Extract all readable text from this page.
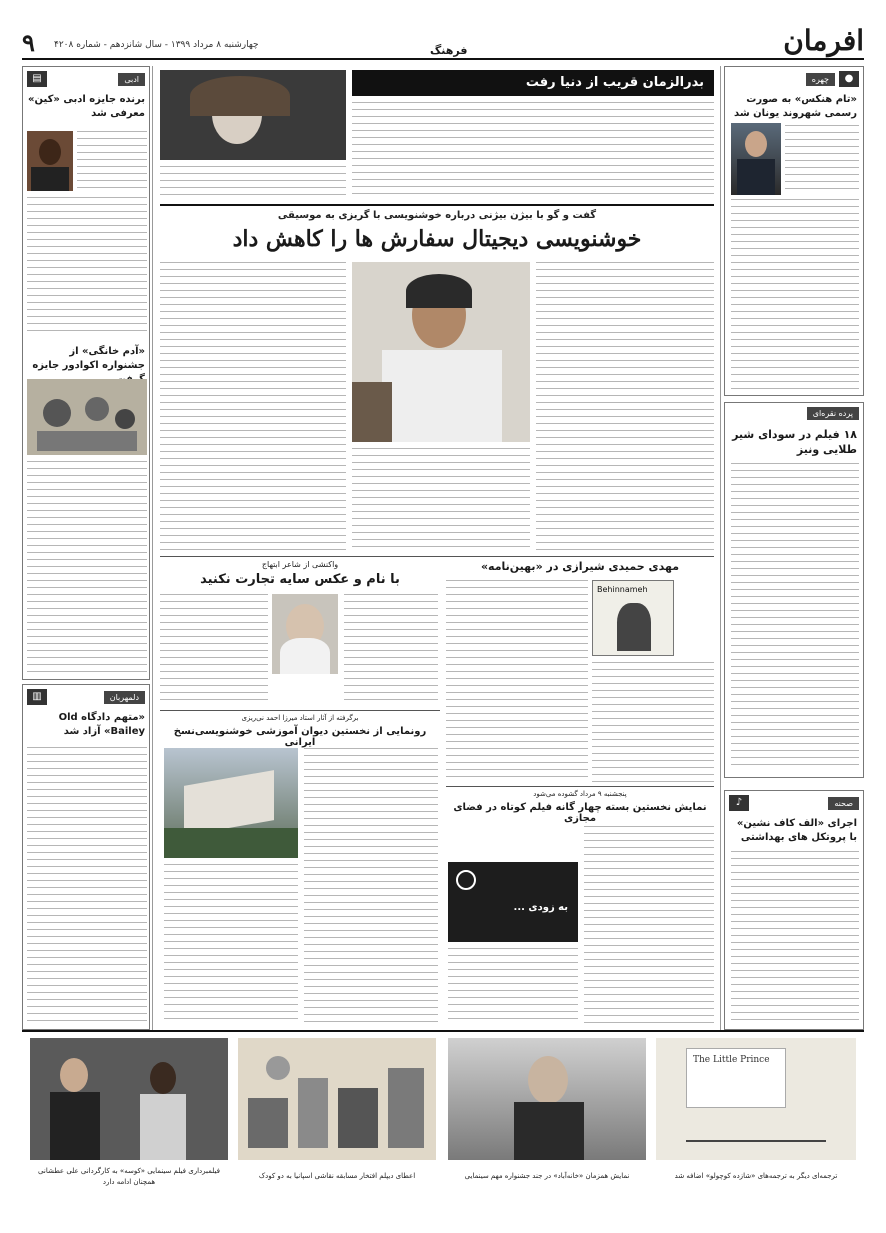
۹ چهارشنبه ۸ مرداد ۱۳۹۹ - سال شانزدهم - شماره ۴۲۰۸	فرهنگ	افرمان
●
چهره
«تام هنکس» به صورت رسمی شهروند یونان شد
پرده نقره‌ای
۱۸ فیلم در سودای شیر طلایی ونیز
♪	صحنه
اجرای «الف کاف نشین» با پروتکل های بهداشتی
▤	ادبی
برنده جایزه ادبی «کین» معرفی شد
«آدم خانگی» از جشنواره اکوادور جایزه
▥	دلمهربان
«متهم دادگاه Old Bailey» آزاد شد
بدرالزمان قریب از دنیا رفت
گفت و گو با بیژن بیژنی درباره خوشنویسی با گریزی به موسیقی
خوشنویسی دیجیتال سفارش ها را کاهش داد
واکنشی از شاعر ابتهاج
با نام و عکس سایه تجارت نکنید
مهدی حمیدی شیرازی در «بهین‌نامه»
Behinnameh
برگرفته از آثار استاد میرزا احمد نی‌ریزی
رونمایی از نخستین دیوان آموزشی خوشنویسی‌نسخ ایرانی
پنجشنبه ۹ مرداد گشوده می‌شود
نمایش نخستین بسته چهار گانه فیلم کوتاه در فضای مجازی
به زودی ...
فیلمبرداری فیلم سینمایی «کوسه» به کارگردانی علی عطشانی همچنان ادامه دارد
اعطای دیپلم افتخار مسابقه نقاشی اسپانیا به دو کودک	نمایش همزمان «خانه‌آباد» در جند جشنواره مهم سینمایی
The Little Prince
ترجمه‌ای دیگر به ترجمه‌های «شازده کوچولو» اضافه شد
